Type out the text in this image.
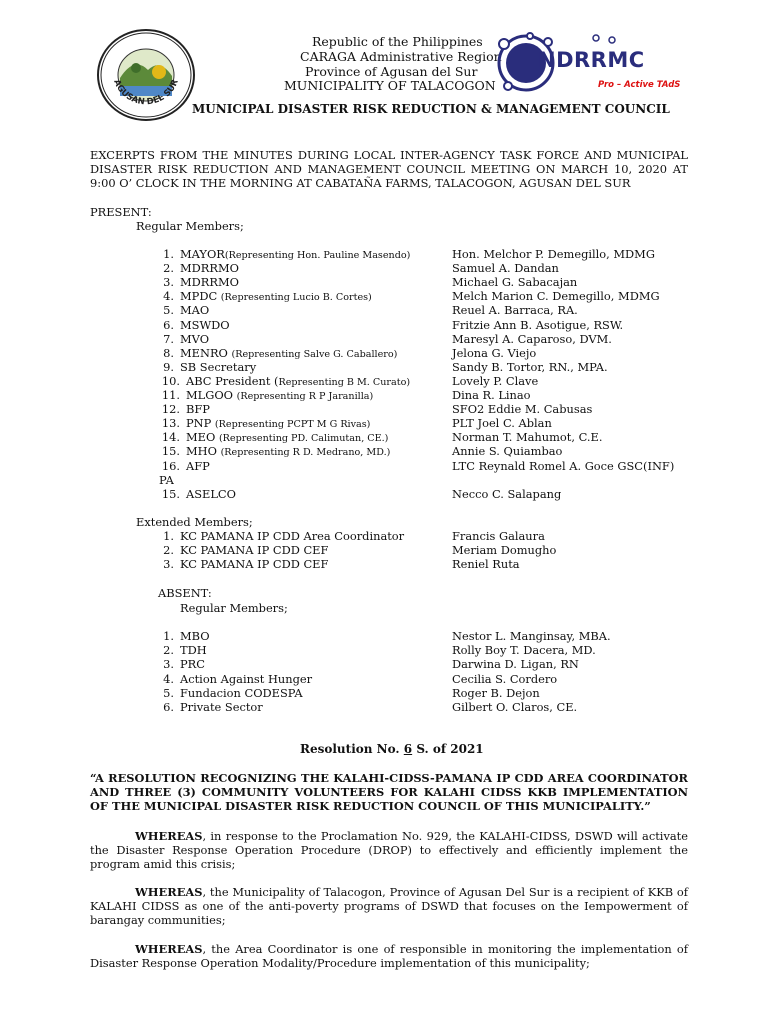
AGUSAN DEL SUR
Republic of the Philippines
CARAGA Administrative Region
Province of Agusan del Sur
MUNICIPALITY OF TALACOGON
NDRRMC
Pro – Active TAdS
MUNICIPAL DISASTER RISK REDUCTION & MANAGEMENT COUNCIL
EXCERPTS FROM THE MINUTES DURING LOCAL INTER-AGENCY TASK FORCE AND MUNICIPAL DISASTER RISK REDUCTION AND MANAGEMENT COUNCIL MEETING ON MARCH 10, 2020 AT 9:00 O’ CLOCK IN THE MORNING AT CABATAÑA FARMS, TALACOGON, AGUSAN DEL SUR
PRESENT:
Regular Members;
1. MAYOR(Representing Hon. Pauline Masendo)	Hon. Melchor P. Demegillo, MDMG
2. MDRRMO	Samuel A. Dandan
3. MDRRMO	Michael G. Sabacajan
4. MPDC (Representing Lucio B. Cortes)	Melch Marion C. Demegillo, MDMG
5. MAO	Reuel A. Barraca, RA.
6. MSWDO	Fritzie Ann B. Asotigue, RSW.
7. MVO	Maresyl A. Caparoso, DVM.
8. MENRO (Representing Salve G. Caballero)	Jelona G. Viejo
9. SB Secretary	Sandy B. Tortor, RN., MPA.
10. ABC President (Representing B M. Curato)	Lovely P. Clave
11. MLGOO (Representing R P Jaranilla)	Dina R. Linao
12. BFP	SFO2 Eddie M. Cabusas
13. PNP (Representing PCPT M G Rivas)	PLT Joel C. Ablan
14. MEO (Representing PD. Calimutan, CE.)	Norman T. Mahumot, C.E.
15. MHO (Representing R D. Medrano, MD.)	Annie S. Quiambao
16. AFP	LTC Reynald Romel A. Goce GSC(INF)
PA
15. ASELCO	Necco C. Salapang
Extended Members;
1. KC PAMANA IP CDD Area Coordinator	Francis Galaura
2. KC PAMANA IP CDD CEF	Meriam Domugho
3. KC PAMANA IP CDD CEF	Reniel Ruta
ABSENT:
Regular Members;
1. MBO	Nestor L. Manginsay, MBA.
2. TDH	Rolly Boy T. Dacera, MD.
3. PRC	Darwina D. Ligan, RN
4. Action Against Hunger	Cecilia S. Cordero
5. Fundacion CODESPA	Roger B. Dejon
6. Private Sector	Gilbert O. Claros, CE.
Resolution No. 6 S. of 2021
“A RESOLUTION RECOGNIZING THE KALAHI-CIDSS-PAMANA IP CDD AREA COORDINATOR AND THREE (3) COMMUNITY VOLUNTEERS FOR KALAHI CIDSS KKB IMPLEMENTATION OF THE MUNICIPAL DISASTER RISK REDUCTION COUNCIL OF THIS MUNICIPALITY.”
WHEREAS, in response to the Proclamation No. 929, the KALAHI-CIDSS, DSWD will activate the Disaster Response Operation Procedure (DROP) to effectively and efficiently implement the program amid this crisis;
WHEREAS, the Municipality of Talacogon, Province of Agusan Del Sur is a recipient of KKB of KALAHI CIDSS as one of the anti-poverty programs of DSWD that focuses on the Iempowerment of barangay communities;
WHEREAS, the Area Coordinator is one of responsible in monitoring the implementation of Disaster Response Operation Modality/Procedure implementation of this municipality;
